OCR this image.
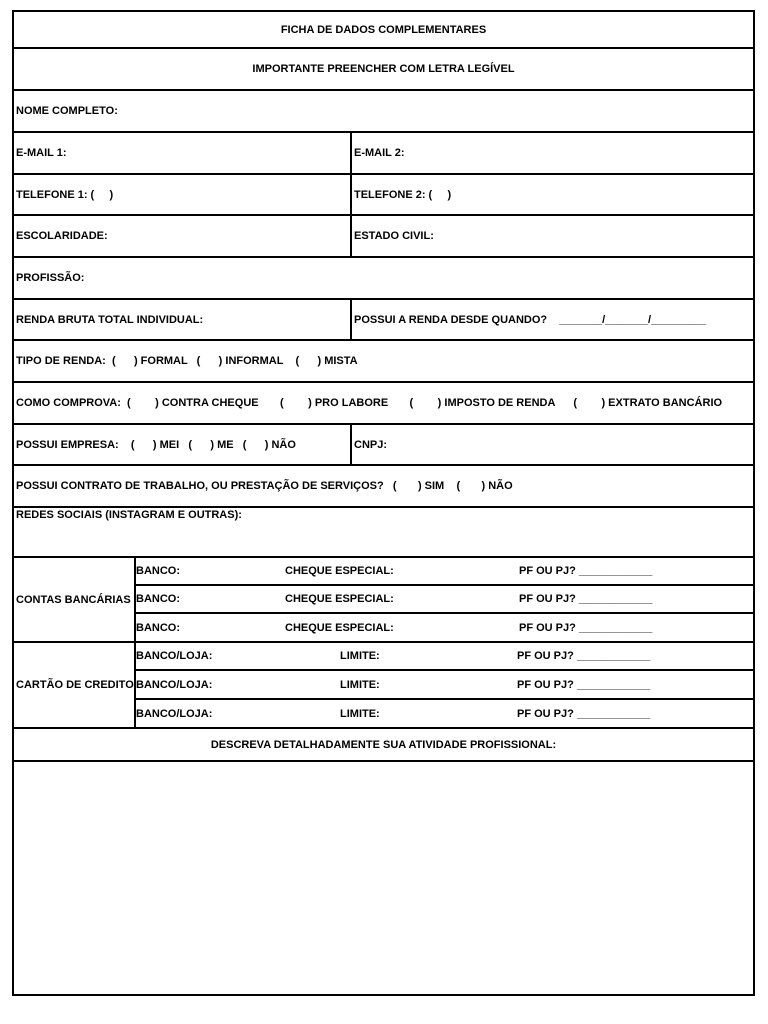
FICHA DE DADOS COMPLEMENTARES
IMPORTANTE PREENCHER COM LETRA LEGÍVEL
NOME COMPLETO:
E-MAIL 1:	E-MAIL 2:
TELEFONE 1: (     )	TELEFONE 2: (     )
ESCOLARIDADE:	ESTADO CIVIL:
PROFISSÃO:
RENDA BRUTA TOTAL INDIVIDUAL:	POSSUI A RENDA DESDE QUANDO?    _______/_______/_________
TIPO DE RENDA:  (      ) FORMAL   (      ) INFORMAL    (      ) MISTA
COMO COMPROVA:  (        ) CONTRA CHEQUE       (        ) PRO LABORE       (        ) IMPOSTO DE RENDA      (        ) EXTRATO BANCÁRIO
POSSUI EMPRESA:    (      ) MEI   (      ) ME   (      ) NÃO	CNPJ:
POSSUI CONTRATO DE TRABALHO, OU PRESTAÇÃO DE SERVIÇOS?   (       ) SIM    (       ) NÃO
REDES SOCIAIS (INSTAGRAM E OUTRAS):
CONTAS BANCÁRIAS
BANCO:	CHEQUE ESPECIAL:	PF OU PJ? ____________
BANCO:	CHEQUE ESPECIAL:	PF OU PJ? ____________
BANCO:	CHEQUE ESPECIAL:	PF OU PJ? ____________
CARTÃO DE CREDITO
BANCO/LOJA:	LIMITE:	PF OU PJ? ____________
BANCO/LOJA:	LIMITE:	PF OU PJ? ____________
BANCO/LOJA:	LIMITE:	PF OU PJ? ____________
DESCREVA DETALHADAMENTE SUA ATIVIDADE PROFISSIONAL:
